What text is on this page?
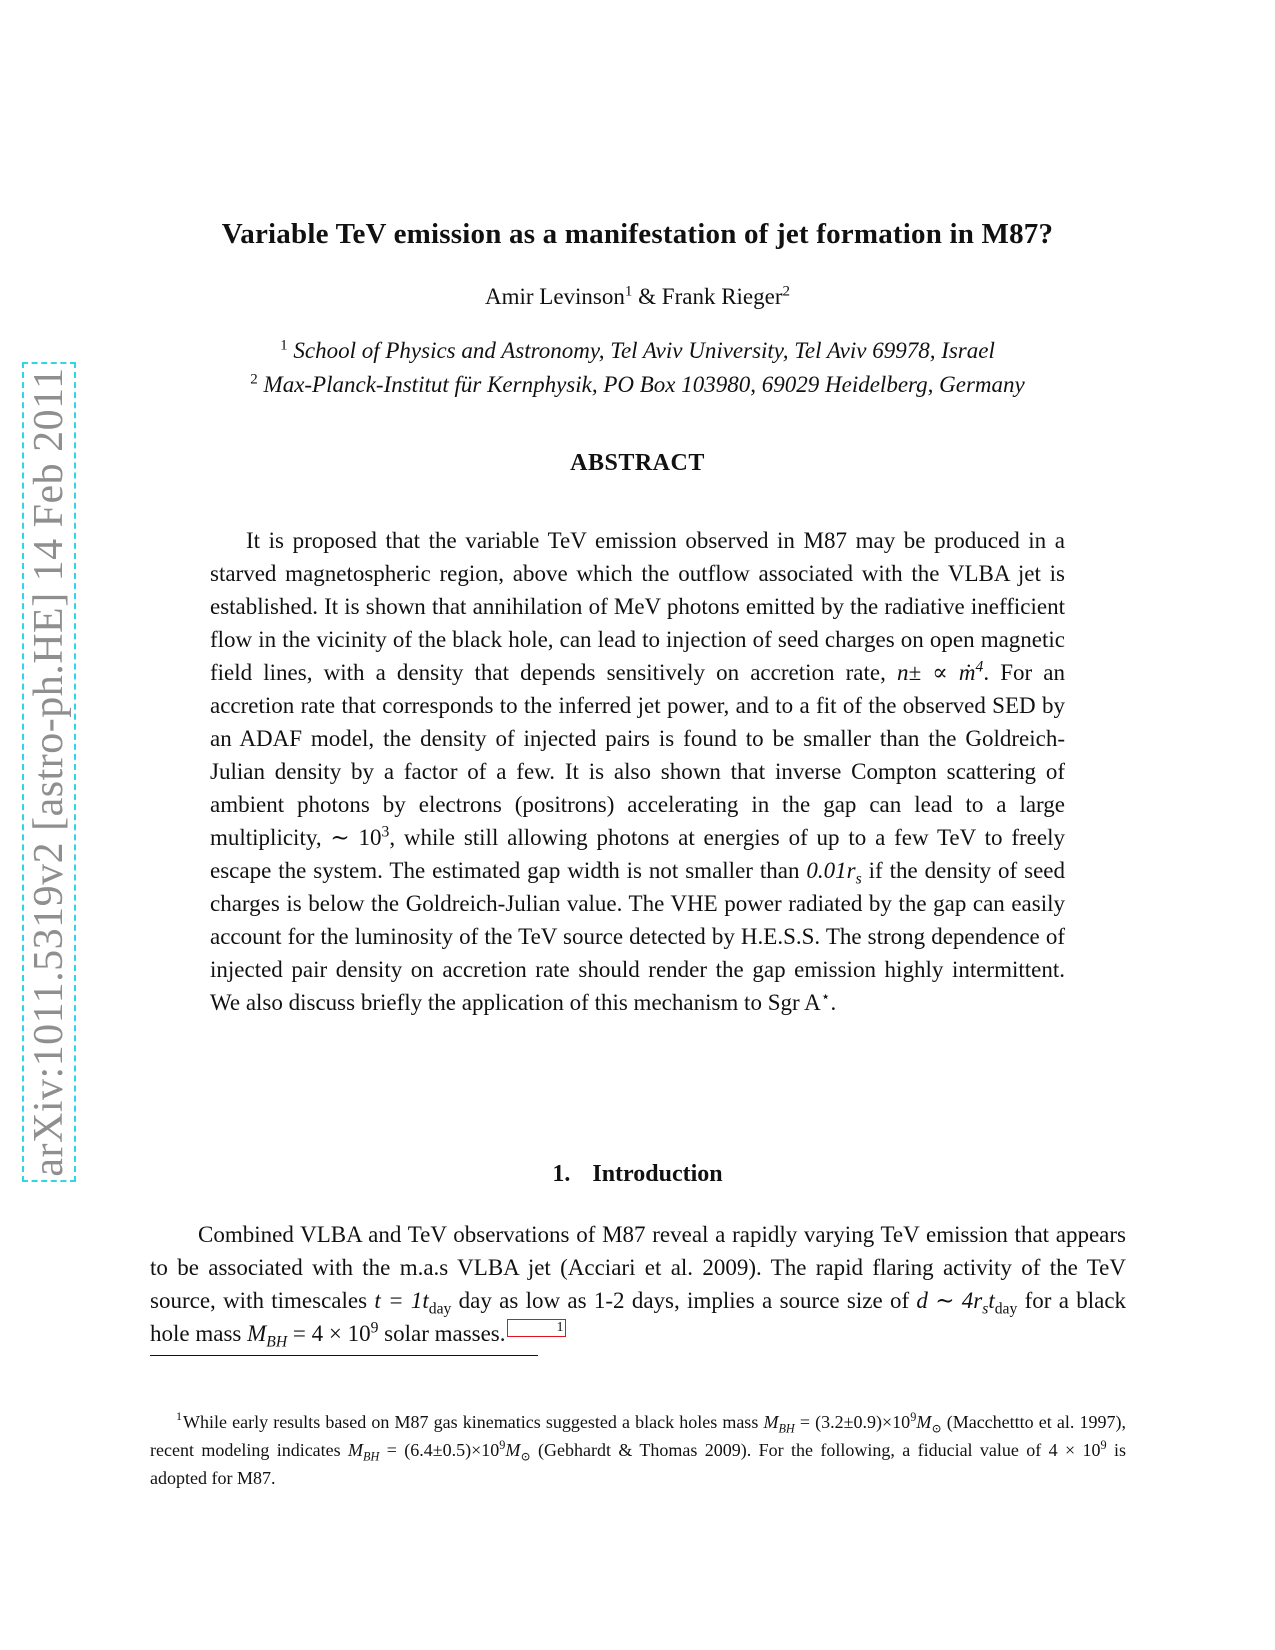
arXiv:1011.5319v2 [astro-ph.HE] 14 Feb 2011
Variable TeV emission as a manifestation of jet formation in M87?
Amir Levinson$^1$ & Frank Rieger$^2$
$^1$ School of Physics and Astronomy, Tel Aviv University, Tel Aviv 69978, Israel
$^2$ Max-Planck-Institut für Kernphysik, PO Box 103980, 69029 Heidelberg, Germany
ABSTRACT

It is proposed that the variable TeV emission observed in M87 may be produced in a starved magnetospheric region, above which the outflow associated with the VLBA jet is established. It is shown that annihilation of MeV photons emitted by the radiative inefficient flow in the vicinity of the black hole, can lead to injection of seed charges on open magnetic field lines, with a density that depends sensitively on accretion rate, n± ∝ ṁ$^4$. For an accretion rate that corresponds to the inferred jet power, and to a fit of the observed SED by an ADAF model, the density of injected pairs is found to be smaller than the Goldreich-Julian density by a factor of a few. It is also shown that inverse Compton scattering of ambient photons by electrons (positrons) accelerating in the gap can lead to a large multiplicity, ∼ $10^3$, while still allowing photons at energies of up to a few TeV to freely escape the system. The estimated gap width is not smaller than $0.01r_s$ if the density of seed charges is below the Goldreich-Julian value. The VHE power radiated by the gap can easily account for the luminosity of the TeV source detected by H.E.S.S. The strong dependence of injected pair density on accretion rate should render the gap emission highly intermittent. We also discuss briefly the application of this mechanism to Sgr A⋆.

1. Introduction

Combined VLBA and TeV observations of M87 reveal a rapidly varying TeV emission that appears to be associated with the m.a.s VLBA jet (Acciari et al. 2009). The rapid flaring activity of the TeV source, with timescales $t = 1t_{day}$ day as low as 1-2 days, implies a source size of d ∼ $4r_st_{day}$ for a black hole mass $M_{BH} = 4 \times 10^9$ solar masses.	1

$^1$While early results based on M87 gas kinematics suggested a black holes mass $M_{BH} = (3.2\pm 0.9)\times 10^9M_⊙$ (Macchettto et al. 1997), recent modeling indicates $M_{BH} = (6.4\pm 0.5)\times 10^9M_⊙$ (Gebhardt & Thomas 2009). For the following, a fiducial value of $4 \times 10^9$ is adopted for M87.
